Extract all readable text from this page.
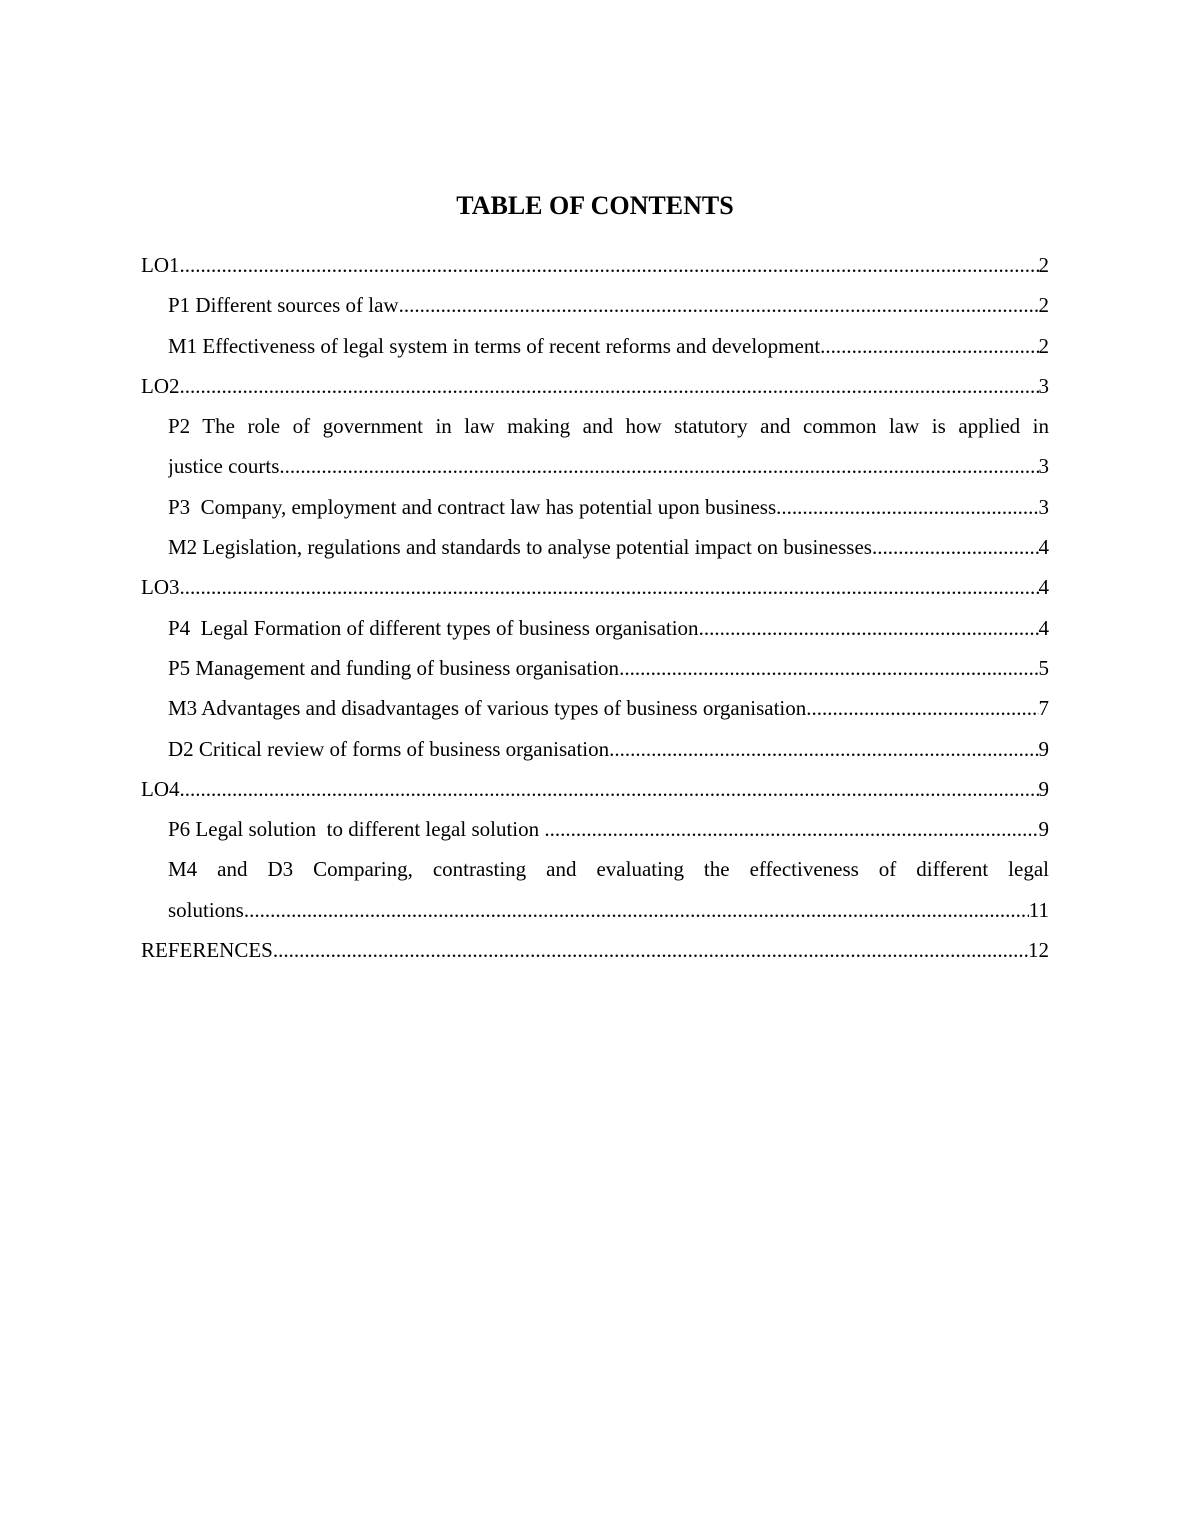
TABLE OF CONTENTS
LO1 .....	2
P1 Different sources of law .....	2
M1 Effectiveness of legal system in terms of recent reforms and development .....	2
LO2 .....	3
P2 The role of government in law making and how statutory and common law is applied in
justice courts .....	3
P3  Company, employment and contract law has potential upon business .....	3
M2 Legislation, regulations and standards to analyse potential impact on businesses .....	4
LO3 .....	4
P4  Legal Formation of different types of business organisation .....	4
P5 Management and funding of business organisation .....	5
M3 Advantages and disadvantages of various types of business organisation .....	7
D2 Critical review of forms of business organisation .....	9
LO4 .....	9
P6 Legal solution  to different legal solution .....	9
M4 and D3 Comparing, contrasting and evaluating the effectiveness of different legal
solutions .....	11
REFERENCES .....	12
